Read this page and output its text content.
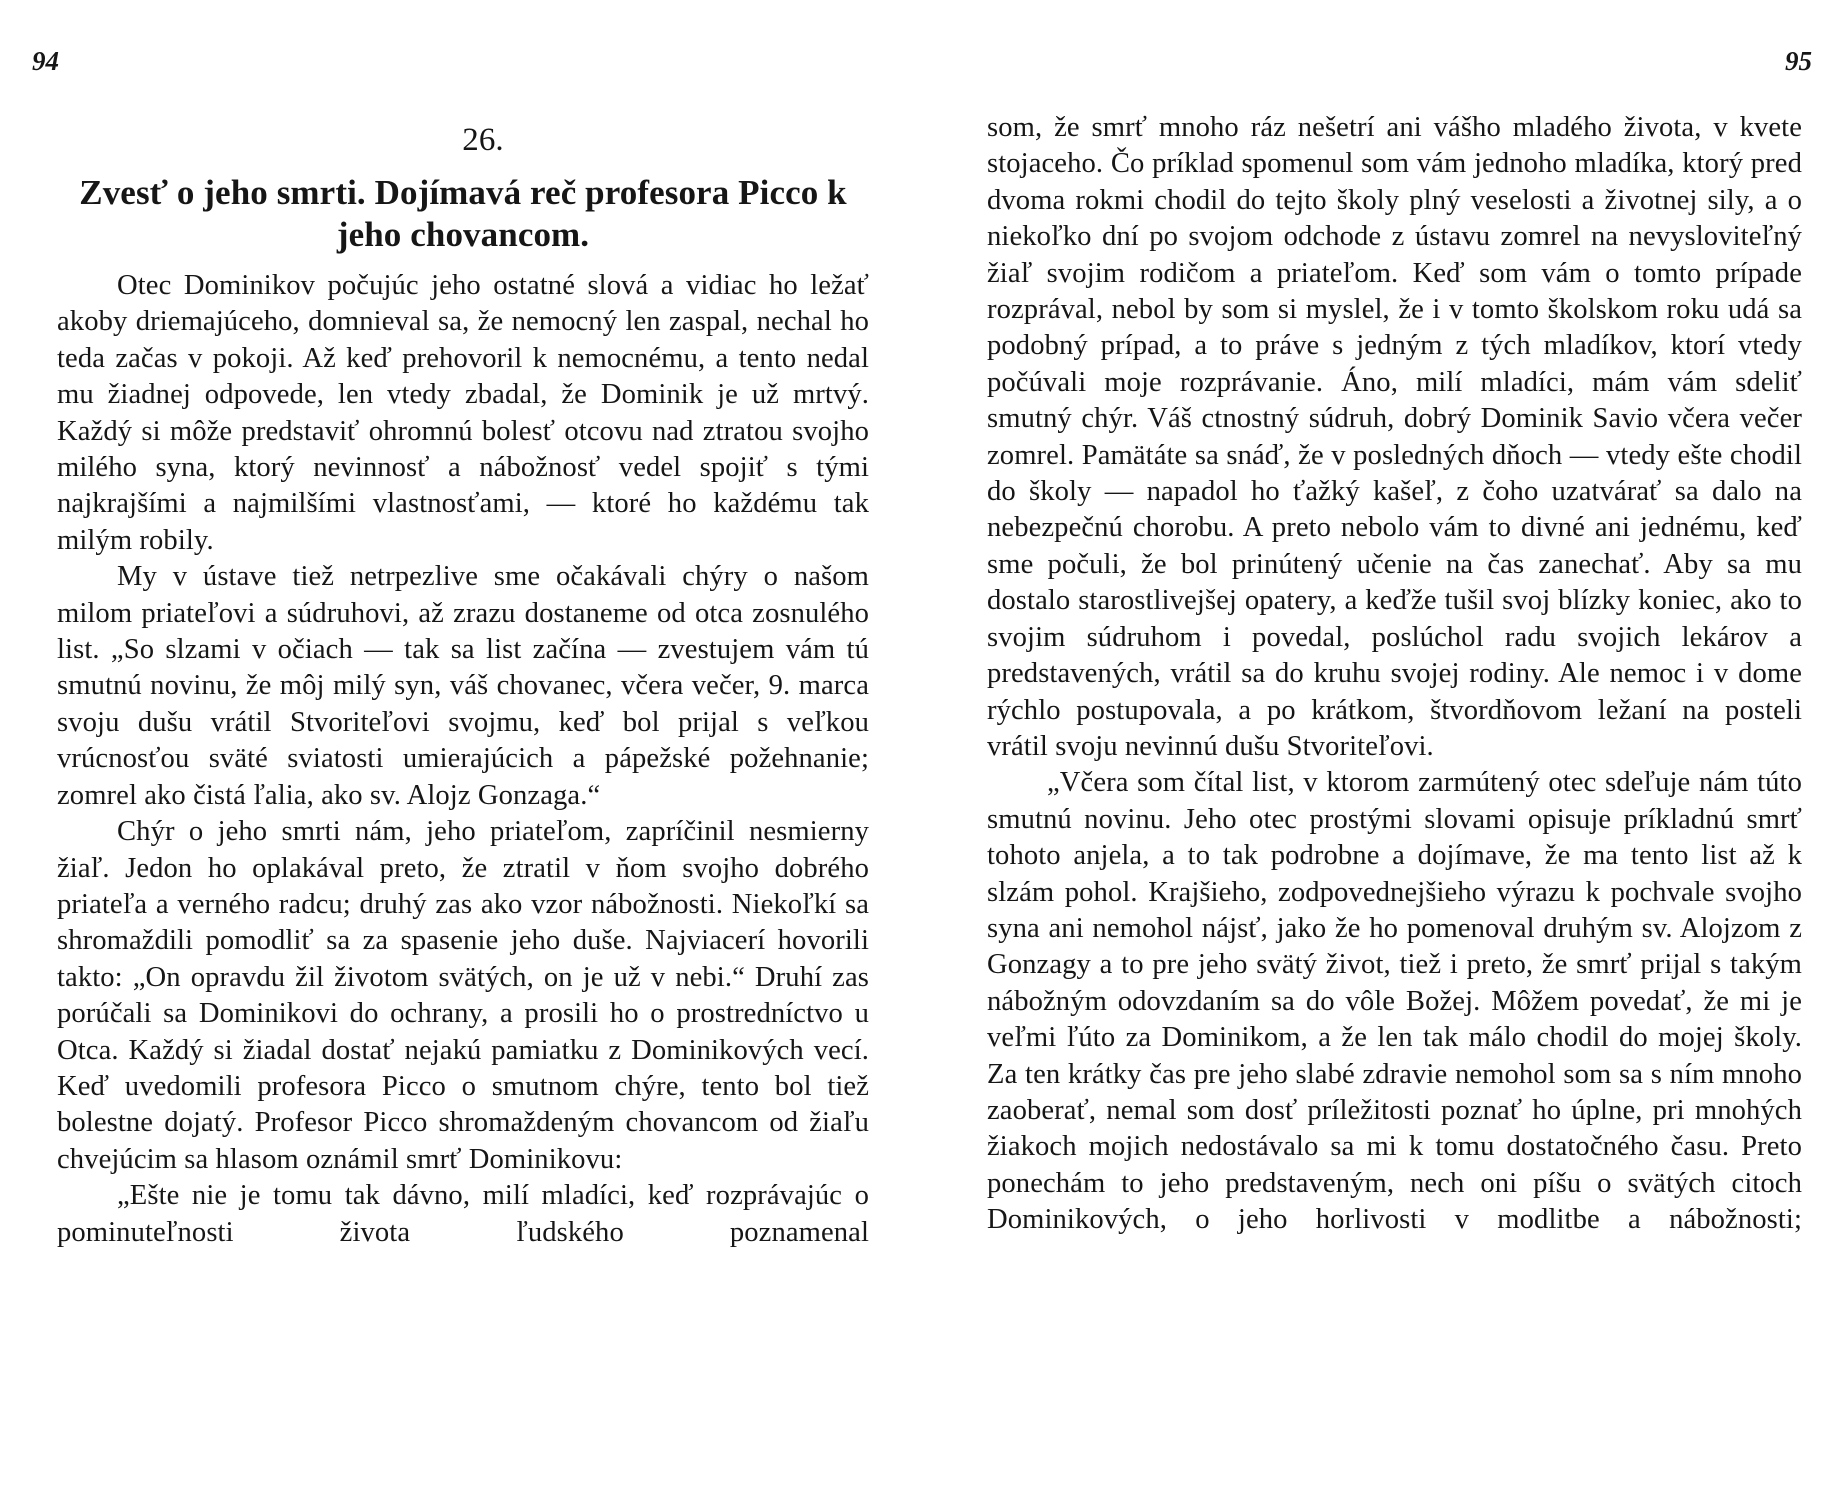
94
26.
Zvesť o jeho smrti. Dojímavá reč profesora Picco k jeho chovancom.

Otec Dominikov počujúc jeho ostatné slová a vidiac ho ležať akoby driemajúceho, domnieval sa, že nemocný len zaspal, nechal ho teda začas v pokoji. Až keď prehovoril k nemocnému, a tento nedal mu žiadnej odpovede, len vtedy zbadal, že Dominik je už mrtvý. Každý si môže predstaviť ohromnú bolesť otcovu nad ztratou svojho milého syna, ktorý nevinnosť a nábožnosť vedel spojiť s tými najkrajšími a najmilšími vlastnosťami, — ktoré ho každému tak milým robily.

My v ústave tiež netrpezlive sme očakávali chýry o našom milom priateľovi a súdruhovi, až zrazu dostaneme od otca zosnulého list. „So slzami v očiach — tak sa list začína — zvestujem vám tú smutnú novinu, že môj milý syn, váš chovanec, včera večer, 9. marca svoju dušu vrátil Stvoriteľovi svojmu, keď bol prijal s veľkou vrúcnosťou sväté sviatosti umierajúcich a pápežské požehnanie; zomrel ako čistá ľalia, ako sv. Alojz Gonzaga.“

Chýr o jeho smrti nám, jeho priateľom, zapríčinil nesmierny žiaľ. Jedon ho oplakával preto, že ztratil v ňom svojho dobrého priateľa a verného radcu; druhý zas ako vzor nábožnosti. Niekoľkí sa shromaždili pomodliť sa za spasenie jeho duše. Najviacerí hovorili takto: „On opravdu žil životom svätých, on je už v nebi.“ Druhí zas porúčali sa Dominikovi do ochrany, a prosili ho o prostredníctvo u Otca. Každý si žiadal dostať nejakú pamiatku z Dominikových vecí. Keď uvedomili profesora Picco o smutnom chýre, tento bol tiež bolestne dojatý. Profesor Picco shromaždeným chovancom od žiaľu chvejúcim sa hlasom oznámil smrť Dominikovu:

„Ešte nie je tomu tak dávno, milí mladíci, keď rozprávajúc o pominuteľnosti života ľudského poznamenal

95

som, že smrť mnoho ráz nešetrí ani vášho mladého života, v kvete stojaceho. Čo príklad spomenul som vám jednoho mladíka, ktorý pred dvoma rokmi chodil do tejto školy plný veselosti a životnej sily, a o niekoľko dní po svojom odchode z ústavu zomrel na nevysloviteľný žiaľ svojim rodičom a priateľom. Keď som vám o tomto prípade rozprával, nebol by som si myslel, že i v tomto školskom roku udá sa podobný prípad, a to práve s jedným z tých mladíkov, ktorí vtedy počúvali moje rozprávanie. Áno, milí mladíci, mám vám sdeliť smutný chýr. Váš ctnostný súdruh, dobrý Dominik Savio včera večer zomrel. Pamätáte sa snáď, že v posledných dňoch — vtedy ešte chodil do školy — napadol ho ťažký kašeľ, z čoho uzatvárať sa dalo na nebezpečnú chorobu. A preto nebolo vám to divné ani jednému, keď sme počuli, že bol prinútený učenie na čas zanechať. Aby sa mu dostalo starostlivejšej opatery, a keďže tušil svoj blízky koniec, ako to svojim súdruhom i povedal, poslúchol radu svojich lekárov a predstavených, vrátil sa do kruhu svojej rodiny. Ale nemoc i v dome rýchlo postupovala, a po krátkom, štvordňovom ležaní na posteli vrátil svoju nevinnú dušu Stvoriteľovi.

„Včera som čítal list, v ktorom zarmútený otec sdeľuje nám túto smutnú novinu. Jeho otec prostými slovami opisuje príkladnú smrť tohoto anjela, a to tak podrobne a dojímave, že ma tento list až k slzám pohol. Krajšieho, zodpovednejšieho výrazu k pochvale svojho syna ani nemohol nájsť, jako že ho pomenoval druhým sv. Alojzom z Gonzagy a to pre jeho svätý život, tiež i preto, že smrť prijal s takým nábožným odovzdaním sa do vôle Božej. Môžem povedať, že mi je veľmi ľúto za Dominikom, a že len tak málo chodil do mojej školy. Za ten krátky čas pre jeho slabé zdravie nemohol som sa s ním mnoho zaoberať, nemal som dosť príležitosti poznať ho úplne, pri mnohých žiakoch mojich nedostávalo sa mi k tomu dostatočného času. Preto ponechám to jeho predstaveným, nech oni píšu o svätých citoch Dominikových, o jeho horlivosti v modlitbe a nábožnosti;
